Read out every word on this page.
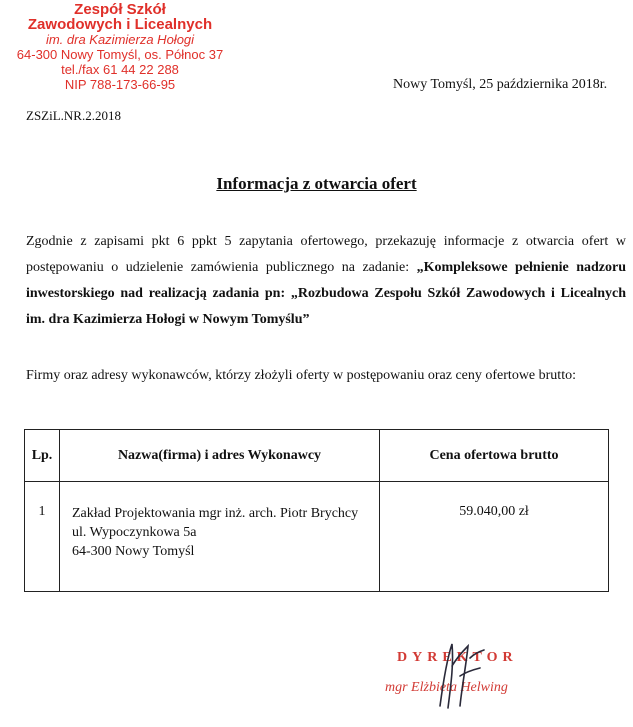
Zespół Szkół
Zawodowych i Licealnych
im. dra Kazimierza Hołogi
64-300 Nowy Tomyśl, os. Północ 37
tel./fax 61 44 22 288
NIP 788-173-66-95	Nowy Tomyśl, 25 października 2018r.
ZSZiL.NR.2.2018
Informacja z otwarcia ofert
Zgodnie z zapisami pkt 6 ppkt 5 zapytania ofertowego, przekazuję informacje z otwarcia ofert w postępowaniu o udzielenie zamówienia publicznego na zadanie: „Kompleksowe pełnienie nadzoru inwestorskiego nad realizacją zadania pn: „Rozbudowa Zespołu Szkół Zawodowych i Licealnych im. dra Kazimierza Hołogi w Nowym Tomyślu”
Firmy oraz adresy wykonawców, którzy złożyli oferty w postępowaniu oraz ceny ofertowe brutto:
Lp.	Nazwa(firma) i adres Wykonawcy	Cena ofertowa brutto
1	Zakład Projektowania mgr inż. arch. Piotr Brychcy
ul. Wypoczynkowa 5a
64-300 Nowy Tomyśl	59.040,00 zł
DYREKTOR
mgr Elżbieta Helwing
